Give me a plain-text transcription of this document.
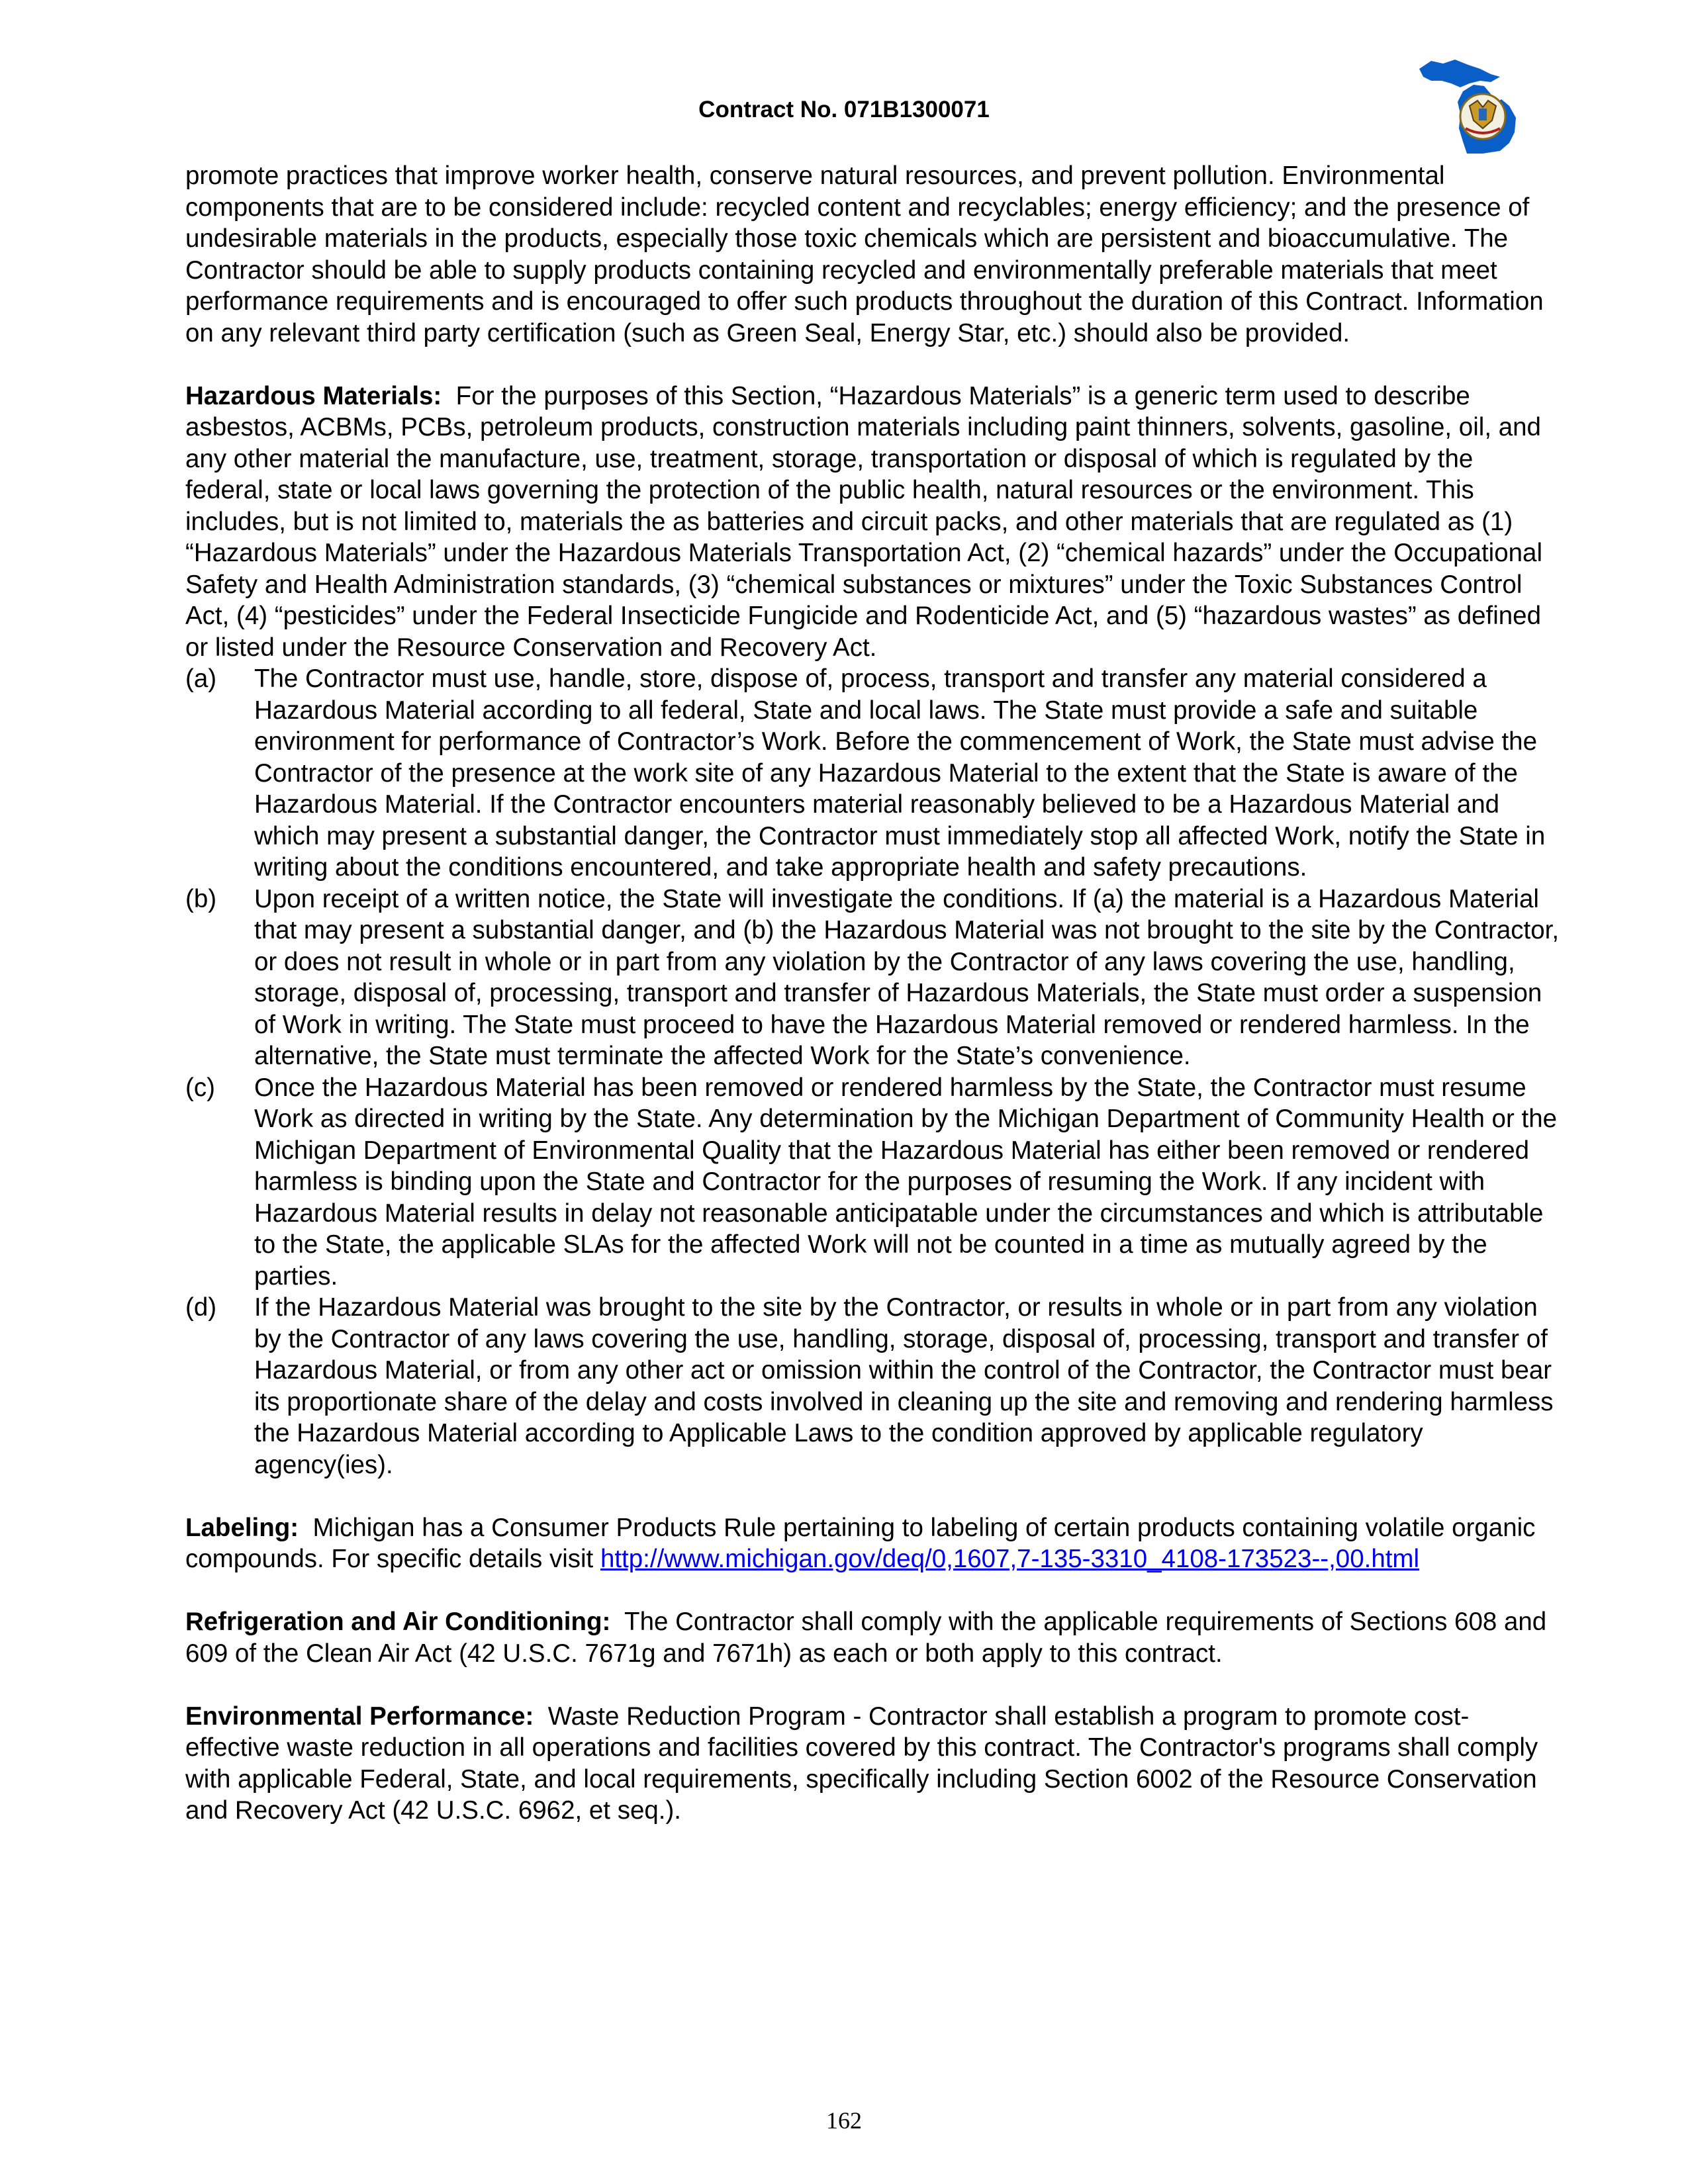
Contract No. 071B1300071

promote practices that improve worker health, conserve natural resources, and prevent pollution. Environmental components that are to be considered include: recycled content and recyclables; energy efficiency; and the presence of undesirable materials in the products, especially those toxic chemicals which are persistent and bioaccumulative. The Contractor should be able to supply products containing recycled and environmentally preferable materials that meet performance requirements and is encouraged to offer such products throughout the duration of this Contract. Information on any relevant third party certification (such as Green Seal, Energy Star, etc.) should also be provided.

Hazardous Materials: For the purposes of this Section, “Hazardous Materials” is a generic term used to describe asbestos, ACBMs, PCBs, petroleum products, construction materials including paint thinners, solvents, gasoline, oil, and any other material the manufacture, use, treatment, storage, transportation or disposal of which is regulated by the federal, state or local laws governing the protection of the public health, natural resources or the environment. This includes, but is not limited to, materials the as batteries and circuit packs, and other materials that are regulated as (1) “Hazardous Materials” under the Hazardous Materials Transportation Act, (2) “chemical hazards” under the Occupational Safety and Health Administration standards, (3) “chemical substances or mixtures” under the Toxic Substances Control Act, (4) “pesticides” under the Federal Insecticide Fungicide and Rodenticide Act, and (5) “hazardous wastes” as defined or listed under the Resource Conservation and Recovery Act.

(a) The Contractor must use, handle, store, dispose of, process, transport and transfer any material considered a Hazardous Material according to all federal, State and local laws. The State must provide a safe and suitable environment for performance of Contractor’s Work. Before the commencement of Work, the State must advise the Contractor of the presence at the work site of any Hazardous Material to the extent that the State is aware of the Hazardous Material. If the Contractor encounters material reasonably believed to be a Hazardous Material and which may present a substantial danger, the Contractor must immediately stop all affected Work, notify the State in writing about the conditions encountered, and take appropriate health and safety precautions.
(b) Upon receipt of a written notice, the State will investigate the conditions. If (a) the material is a Hazardous Material that may present a substantial danger, and (b) the Hazardous Material was not brought to the site by the Contractor, or does not result in whole or in part from any violation by the Contractor of any laws covering the use, handling, storage, disposal of, processing, transport and transfer of Hazardous Materials, the State must order a suspension of Work in writing. The State must proceed to have the Hazardous Material removed or rendered harmless. In the alternative, the State must terminate the affected Work for the State’s convenience.
(c) Once the Hazardous Material has been removed or rendered harmless by the State, the Contractor must resume Work as directed in writing by the State. Any determination by the Michigan Department of Community Health or the Michigan Department of Environmental Quality that the Hazardous Material has either been removed or rendered harmless is binding upon the State and Contractor for the purposes of resuming the Work. If any incident with Hazardous Material results in delay not reasonable anticipatable under the circumstances and which is attributable to the State, the applicable SLAs for the affected Work will not be counted in a time as mutually agreed by the parties.
(d) If the Hazardous Material was brought to the site by the Contractor, or results in whole or in part from any violation by the Contractor of any laws covering the use, handling, storage, disposal of, processing, transport and transfer of Hazardous Material, or from any other act or omission within the control of the Contractor, the Contractor must bear its proportionate share of the delay and costs involved in cleaning up the site and removing and rendering harmless the Hazardous Material according to Applicable Laws to the condition approved by applicable regulatory agency(ies).

Labeling: Michigan has a Consumer Products Rule pertaining to labeling of certain products containing volatile organic compounds. For specific details visit http://www.michigan.gov/deq/0,1607,7-135-3310_4108-173523--,00.html

Refrigeration and Air Conditioning: The Contractor shall comply with the applicable requirements of Sections 608 and 609 of the Clean Air Act (42 U.S.C. 7671g and 7671h) as each or both apply to this contract.

Environmental Performance: Waste Reduction Program - Contractor shall establish a program to promote cost-effective waste reduction in all operations and facilities covered by this contract. The Contractor's programs shall comply with applicable Federal, State, and local requirements, specifically including Section 6002 of the Resource Conservation and Recovery Act (42 U.S.C. 6962, et seq.).

162
